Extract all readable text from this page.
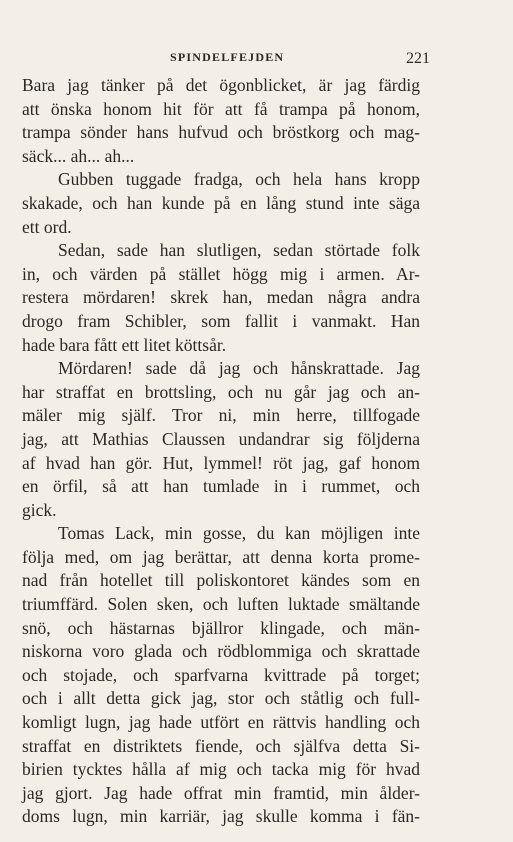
SPINDELFEJDEN	221
Bara jag tänker på det ögonblicket, är jag färdig
att önska honom hit för att få trampa på honom,
trampa sönder hans hufvud och bröstkorg och mag-
säck... ah... ah...
Gubben tuggade fradga, och hela hans kropp
skakade, och han kunde på en lång stund inte säga
ett ord.
Sedan, sade han slutligen, sedan störtade folk
in, och värden på stället högg mig i armen. Ar-
restera mördaren! skrek han, medan några andra
drogo fram Schibler, som fallit i vanmakt. Han
hade bara fått ett litet köttsår.
Mördaren! sade då jag och hånskrattade. Jag
har straffat en brottsling, och nu går jag och an-
mäler mig själf. Tror ni, min herre, tillfogade
jag, att Mathias Claussen undandrar sig följderna
af hvad han gör. Hut, lymmel! röt jag, gaf honom
en örfil, så att han tumlade in i rummet, och
gick.
Tomas Lack, min gosse, du kan möjligen inte
följa med, om jag berättar, att denna korta prome-
nad från hotellet till poliskontoret kändes som en
triumffärd. Solen sken, och luften luktade smältande
snö, och hästarnas bjällror klingade, och män-
niskorna voro glada och rödblommiga och skrattade
och stojade, och sparfvarna kvittrade på torget;
och i allt detta gick jag, stor och ståtlig och full-
komligt lugn, jag hade utfört en rättvis handling och
straffat en distriktets fiende, och själfva detta Si-
birien tycktes hålla af mig och tacka mig för hvad
jag gjort. Jag hade offrat min framtid, min ålder-
doms lugn, min karriär, jag skulle komma i fän-
